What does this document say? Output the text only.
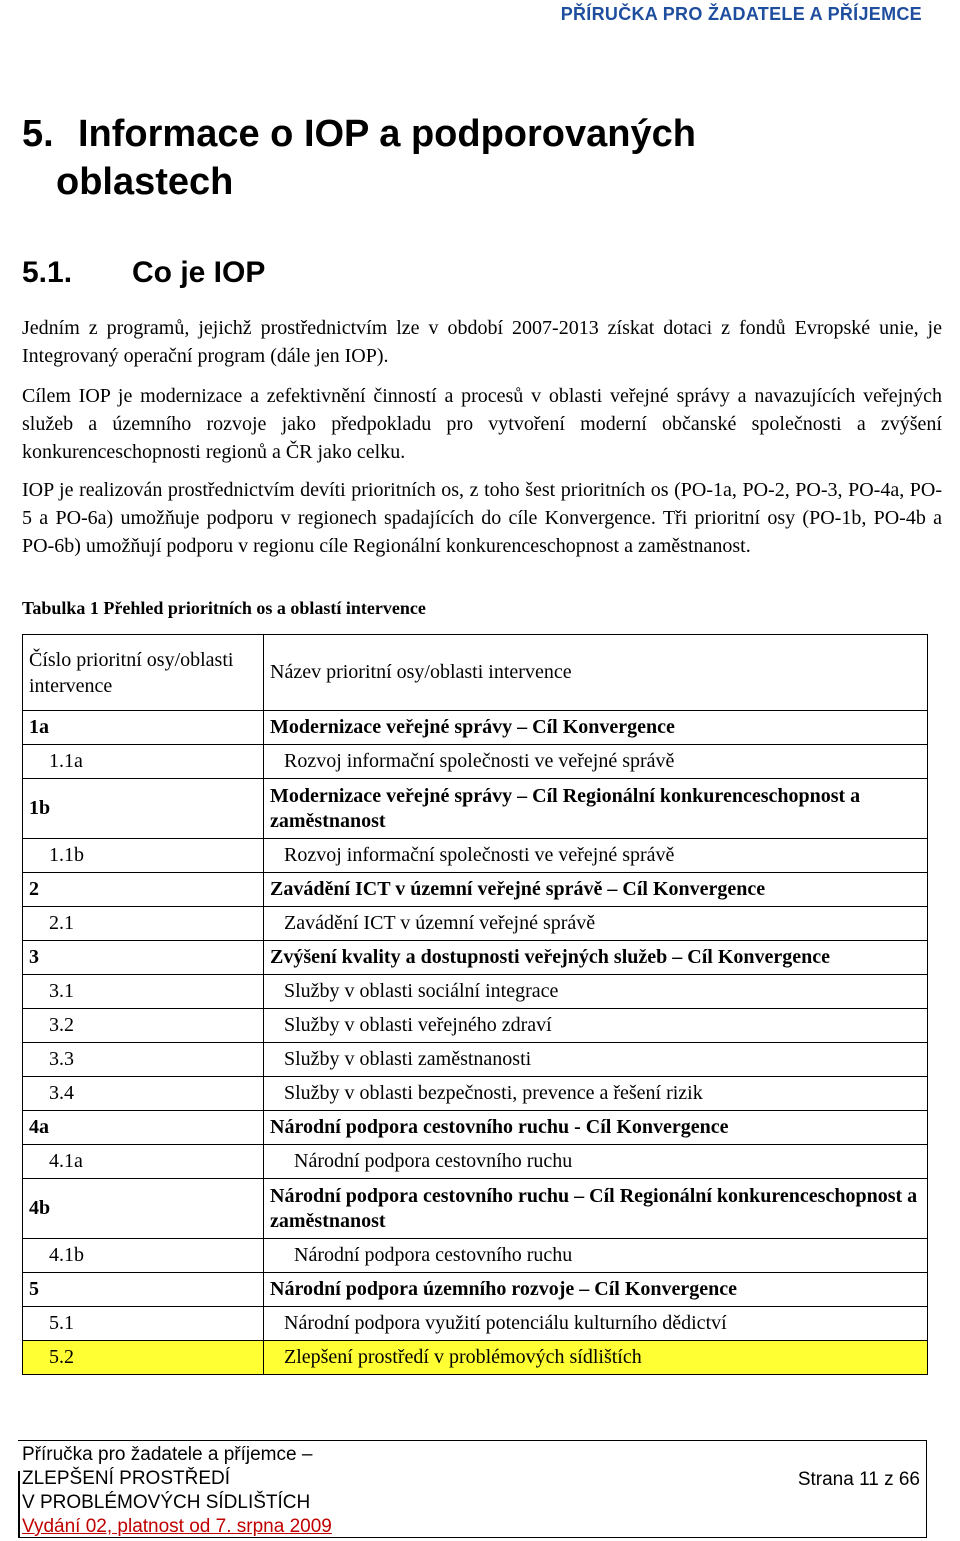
PŘÍRUČKA PRO ŽADATELE A PŘÍJEMCE
5. Informace o IOP a podporovaných
oblastech
5.1. Co je IOP
Jedním z programů, jejichž prostřednictvím lze v období 2007-2013 získat dotaci z fondů Evropské unie, je Integrovaný operační program (dále jen IOP).
Cílem IOP je modernizace a zefektivnění činností a procesů v oblasti veřejné správy a navazujících veřejných služeb a územního rozvoje jako předpokladu pro vytvoření moderní občanské společnosti a zvýšení konkurenceschopnosti regionů a ČR jako celku.
IOP je realizován prostřednictvím devíti prioritních os, z toho šest prioritních os (PO-1a, PO-2, PO-3, PO-4a, PO-5 a PO-6a) umožňuje podporu v regionech spadajících do cíle Konvergence. Tři prioritní osy (PO-1b, PO-4b a PO-6b) umožňují podporu v regionu cíle Regionální konkurenceschopnost a zaměstnanost.
Tabulka 1 Přehled prioritních os a oblastí intervence
Číslo prioritní osy/oblasti intervence	Název prioritní osy/oblasti intervence
1a	Modernizace veřejné správy – Cíl Konvergence
1.1a	Rozvoj informační společnosti ve veřejné správě
1b	Modernizace veřejné správy – Cíl Regionální konkurenceschopnost a zaměstnanost
1.1b	Rozvoj informační společnosti ve veřejné správě
2	Zavádění ICT v územní veřejné správě – Cíl Konvergence
2.1	Zavádění ICT v územní veřejné správě
3	Zvýšení kvality a dostupnosti veřejných služeb – Cíl Konvergence
3.1	Služby v oblasti sociální integrace
3.2	Služby v oblasti veřejného zdraví
3.3	Služby v oblasti zaměstnanosti
3.4	Služby v oblasti bezpečnosti, prevence a řešení rizik
4a	Národní podpora cestovního ruchu - Cíl Konvergence
4.1a	Národní podpora cestovního ruchu
4b	Národní podpora cestovního ruchu – Cíl Regionální konkurenceschopnost a zaměstnanost
4.1b	Národní podpora cestovního ruchu
5	Národní podpora územního rozvoje – Cíl Konvergence
5.1	Národní podpora využití potenciálu kulturního dědictví
5.2	Zlepšení prostředí v problémových sídlištích
Příručka pro žadatele a příjemce –
ZLEPŠENÍ PROSTŘEDÍ
V PROBLÉMOVÝCH SÍDLIŠTÍCH
Vydání 02, platnost od 7. srpna 2009
Strana 11 z 66
